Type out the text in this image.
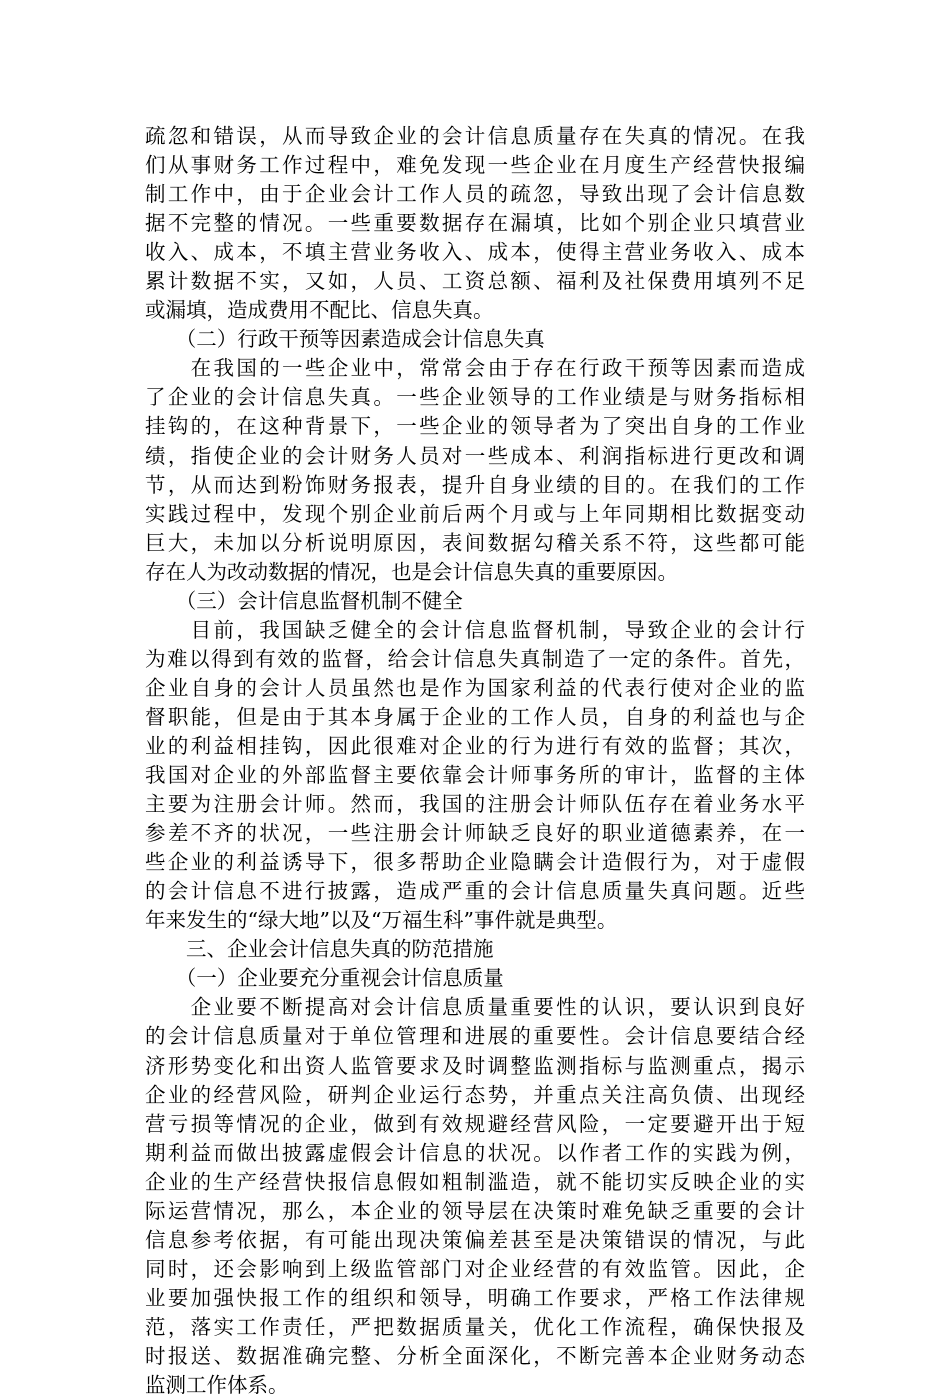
疏忽和错误，从而导致企业的会计信息质量存在失真的情况。在我
们从事财务工作过程中，难免发现一些企业在月度生产经营快报编
制工作中，由于企业会计工作人员的疏忽，导致出现了会计信息数
据不完整的情况。一些重要数据存在漏填，比如个别企业只填营业
收入、成本，不填主营业务收入、成本，使得主营业务收入、成本
累计数据不实，又如，人员、工资总额、福利及社保费用填列不足
或漏填，造成费用不配比、信息失真。
　　（二）行政干预等因素造成会计信息失真
　　在我国的一些企业中，常常会由于存在行政干预等因素而造成
了企业的会计信息失真。一些企业领导的工作业绩是与财务指标相
挂钩的，在这种背景下，一些企业的领导者为了突出自身的工作业
绩，指使企业的会计财务人员对一些成本、利润指标进行更改和调
节，从而达到粉饰财务报表，提升自身业绩的目的。在我们的工作
实践过程中，发现个别企业前后两个月或与上年同期相比数据变动
巨大，未加以分析说明原因，表间数据勾稽关系不符，这些都可能
存在人为改动数据的情况，也是会计信息失真的重要原因。
　　（三）会计信息监督机制不健全
　　目前，我国缺乏健全的会计信息监督机制，导致企业的会计行
为难以得到有效的监督，给会计信息失真制造了一定的条件。首先，
企业自身的会计人员虽然也是作为国家利益的代表行使对企业的监
督职能，但是由于其本身属于企业的工作人员，自身的利益也与企
业的利益相挂钩，因此很难对企业的行为进行有效的监督；其次，
我国对企业的外部监督主要依靠会计师事务所的审计，监督的主体
主要为注册会计师。然而，我国的注册会计师队伍存在着业务水平
参差不齐的状况，一些注册会计师缺乏良好的职业道德素养，在一
些企业的利益诱导下，很多帮助企业隐瞒会计造假行为，对于虚假
的会计信息不进行披露，造成严重的会计信息质量失真问题。近些
年来发生的“绿大地”以及“万福生科”事件就是典型。
　　三、企业会计信息失真的防范措施
　　（一）企业要充分重视会计信息质量
　　企业要不断提高对会计信息质量重要性的认识，要认识到良好
的会计信息质量对于单位管理和进展的重要性。会计信息要结合经
济形势变化和出资人监管要求及时调整监测指标与监测重点，揭示
企业的经营风险，研判企业运行态势，并重点关注高负债、出现经
营亏损等情况的企业，做到有效规避经营风险，一定要避开出于短
期利益而做出披露虚假会计信息的状况。以作者工作的实践为例，
企业的生产经营快报信息假如粗制滥造，就不能切实反映企业的实
际运营情况，那么，本企业的领导层在决策时难免缺乏重要的会计
信息参考依据，有可能出现决策偏差甚至是决策错误的情况，与此
同时，还会影响到上级监管部门对企业经营的有效监管。因此，企
业要加强快报工作的组织和领导，明确工作要求，严格工作法律规
范，落实工作责任，严把数据质量关，优化工作流程，确保快报及
时报送、数据准确完整、分析全面深化，不断完善本企业财务动态
监测工作体系。
